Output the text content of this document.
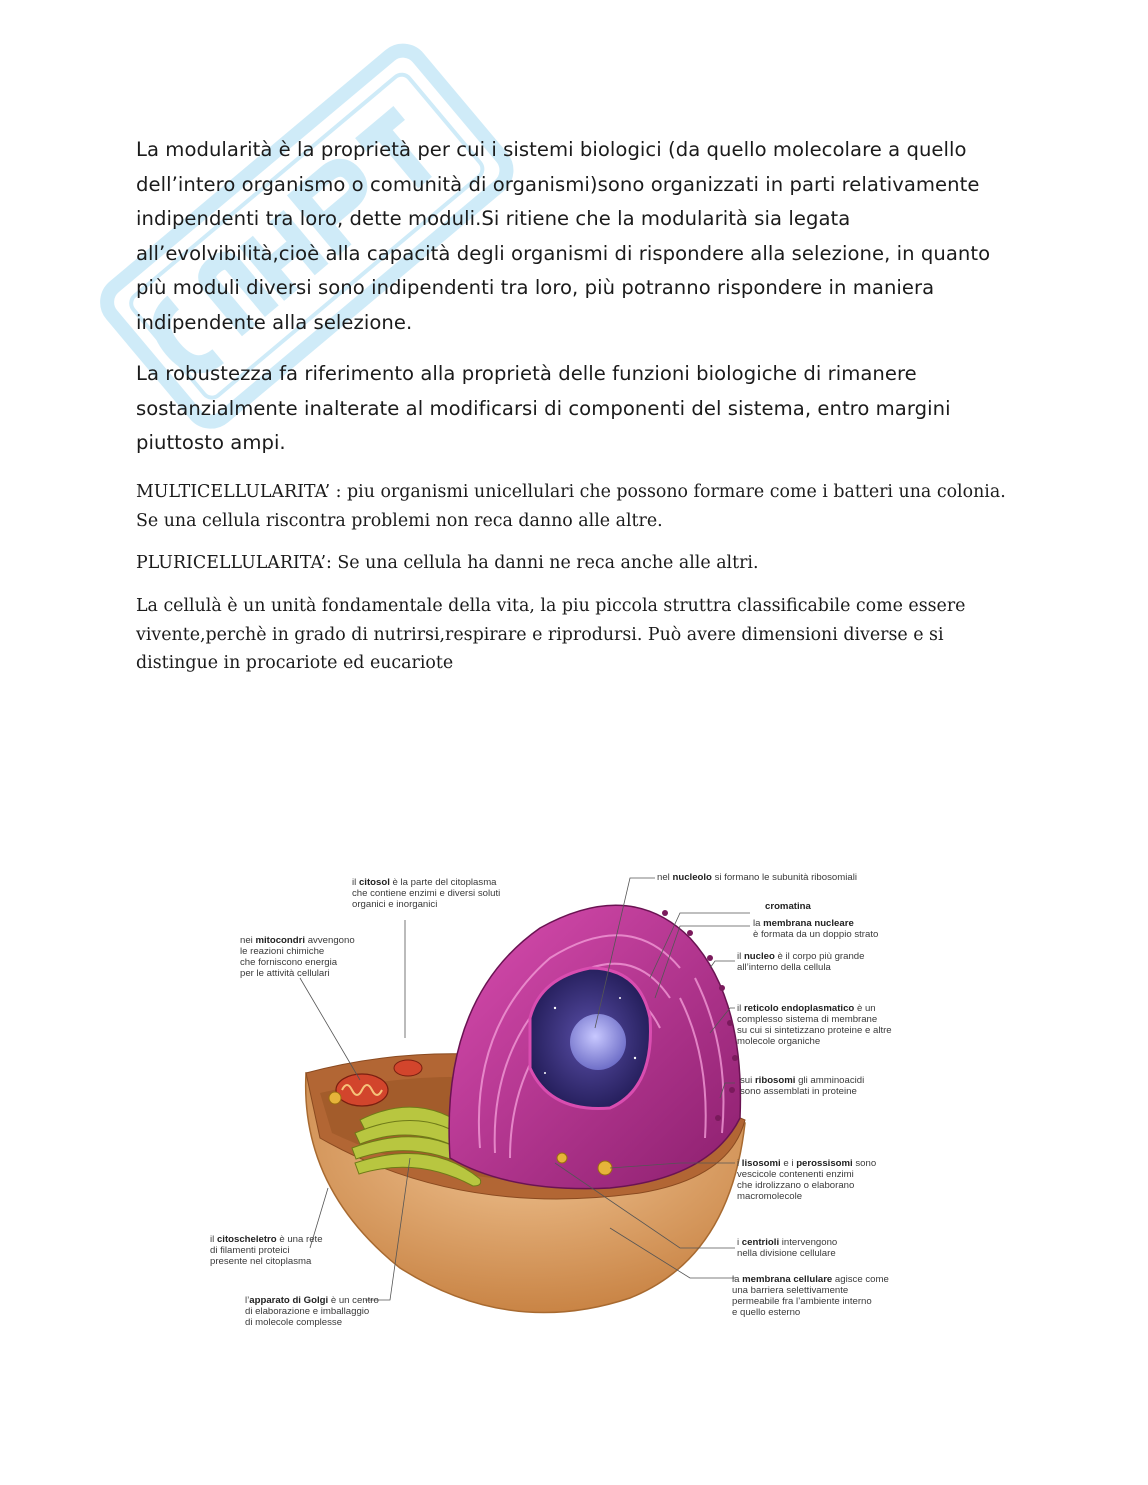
La modularità è la proprietà per cui i sistemi biologici (da quello molecolare a quello dell’intero organismo o comunità di organismi)sono organizzati in parti relativamente indipendenti tra loro, dette moduli.Si ritiene che la modularità sia legata all’evolvibilità,cioè alla capacità degli organismi di rispondere alla selezione, in quanto più moduli diversi sono indipendenti tra loro, più potranno rispondere in maniera indipendente alla selezione.

La robustezza fa riferimento alla proprietà delle funzioni biologiche di rimanere sostanzialmente inalterate al modificarsi di componenti del sistema, entro margini piuttosto ampi.

MULTICELLULARITA’ : piu organismi unicellulari che possono formare come i batteri una colonia. Se una cellula riscontra problemi non reca danno alle altre.

PLURICELLULARITA’: Se una cellula ha danni ne reca anche alle altri.

La cellulà è un unità fondamentale della vita, la piu piccola struttra classificabile come essere vivente,perchè in grado di nutrirsi,respirare e riprodursi. Può avere dimensioni diverse e si distingue in procariote ed eucariote

il citosol è la parte del citoplasma che contiene enzimi e diversi soluti organici e inorganici
nei mitocondri avvengono le reazioni chimiche che forniscono energia per le attività cellulari
nel nucleolo si formano le subunità ribosomiali
cromatina
la membrana nucleare è formata da un doppio strato
il nucleo è il corpo più grande all’interno della cellula
il reticolo endoplasmatico è un complesso sistema di membrane su cui si sintetizzano proteine e altre molecole organiche
sui ribosomi gli amminoacidi sono assemblati in proteine
i lisosomi e i perossisomi sono vescicole contenenti enzimi che idrolizzano o elaborano macromolecole
i centrioli intervengono nella divisione cellulare
la membrana cellulare agisce come una barriera selettivamente permeabile fra l’ambiente interno e quello esterno
il citoscheletro è una rete di filamenti proteici presente nel citoplasma
l’apparato di Golgi è un centro di elaborazione e imballaggio di molecole complesse
